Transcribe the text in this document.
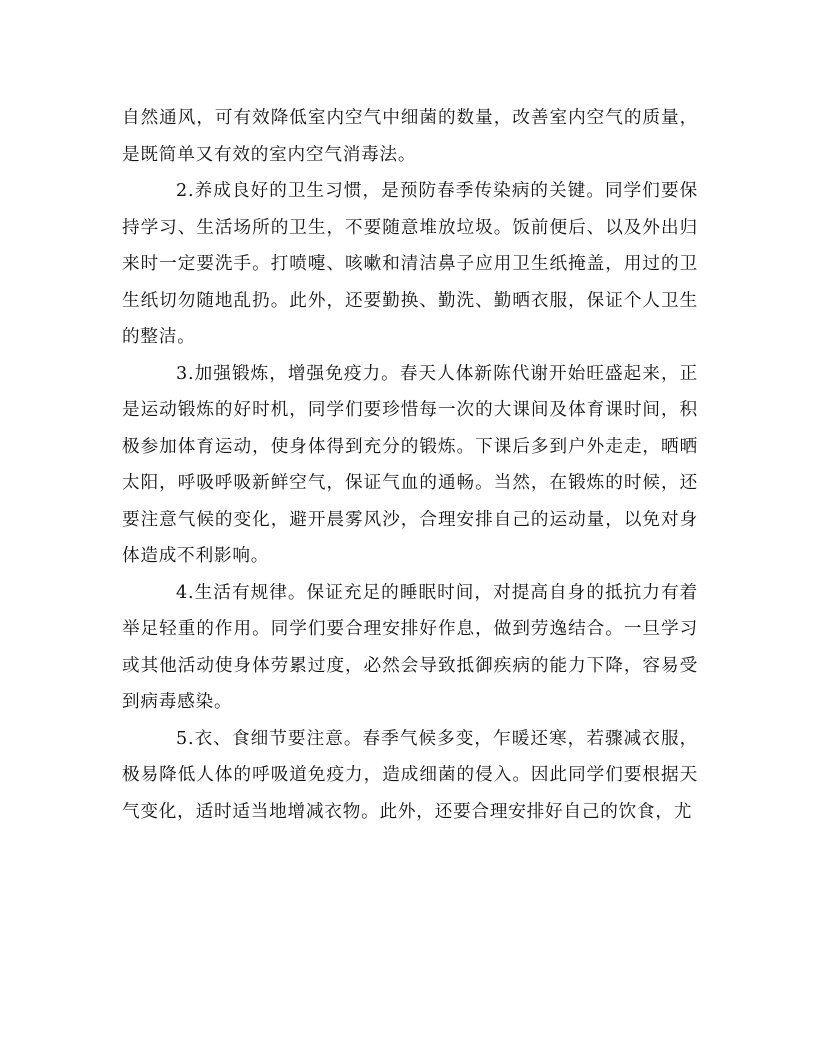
自然通风，可有效降低室内空气中细菌的数量，改善室内空气的质量，是既简单又有效的室内空气消毒法。

2.养成良好的卫生习惯，是预防春季传染病的关键。同学们要保持学习、生活场所的卫生，不要随意堆放垃圾。饭前便后、以及外出归来时一定要洗手。打喷嚏、咳嗽和清洁鼻子应用卫生纸掩盖，用过的卫生纸切勿随地乱扔。此外，还要勤换、勤洗、勤晒衣服，保证个人卫生的整洁。

3.加强锻炼，增强免疫力。春天人体新陈代谢开始旺盛起来，正是运动锻炼的好时机，同学们要珍惜每一次的大课间及体育课时间，积极参加体育运动，使身体得到充分的锻炼。下课后多到户外走走，晒晒太阳，呼吸呼吸新鲜空气，保证气血的通畅。当然，在锻炼的时候，还要注意气候的变化，避开晨雾风沙，合理安排自己的运动量，以免对身体造成不利影响。

4.生活有规律。保证充足的睡眠时间，对提高自身的抵抗力有着举足轻重的作用。同学们要合理安排好作息，做到劳逸结合。一旦学习或其他活动使身体劳累过度，必然会导致抵御疾病的能力下降，容易受到病毒感染。

5.衣、食细节要注意。春季气候多变，乍暖还寒，若骤减衣服，极易降低人体的呼吸道免疫力，造成细菌的侵入。因此同学们要根据天气变化，适时适当地增减衣物。此外，还要合理安排好自己的饮食，尤
